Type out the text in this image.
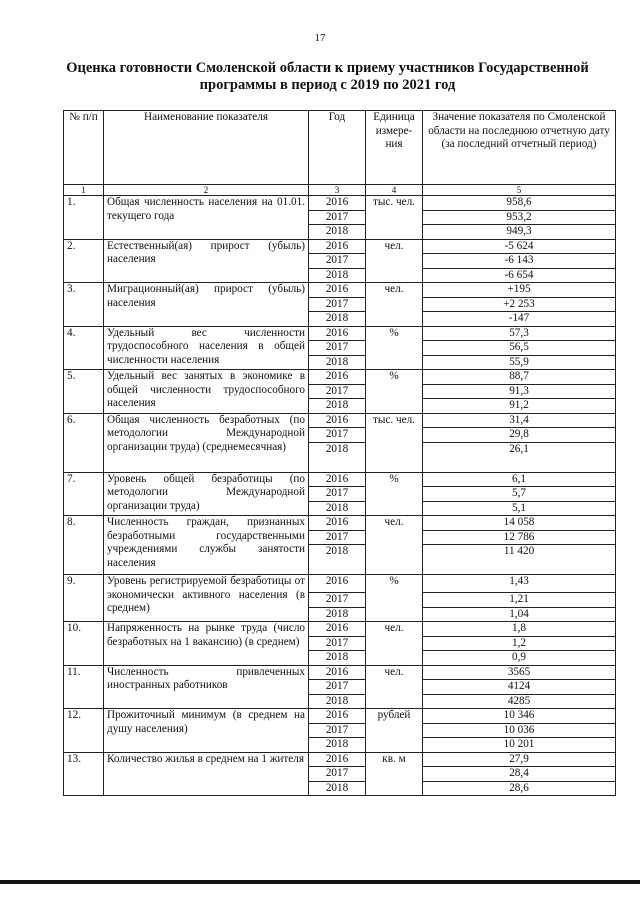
17
Оценка готовности Смоленской области к приему участников Государственной программы в период с 2019 по 2021 год
№ п/п	Наименование показателя	Год	Единица измере-ния	Значение показателя по Смоленской области на последнюю отчетную дату (за последний отчетный период)
1	2	3	4	5
1.	Общая численность населения на 01.01. текущего года	2016	тыс. чел.	958,6
		2017		953,2
		2018		949,3
2.	Естественный(ая) прирост (убыль) населения	2016	чел.	-5 624
		2017		-6 143
		2018		-6 654
3.	Миграционный(ая) прирост (убыль) населения	2016	чел.	+195
		2017		+2 253
		2018		-147
4.	Удельный вес численности трудоспособного населения в общей численности населения	2016	%	57,3
		2017		56,5
		2018		55,9
5.	Удельный вес занятых в экономике в общей численности трудоспособного населения	2016	%	88,7
		2017		91,3
		2018		91,2
6.	Общая численность безработных (по методологии Международной организации труда) (среднемесячная)	2016	тыс. чел.	31,4
		2017		29,8
		2018		26,1
7.	Уровень общей безработицы (по методологии Международной организации труда)	2016	%	6,1
		2017		5,7
		2018		5,1
8.	Численность граждан, признанных безработными государственными учреждениями службы занятости населения	2016	чел.	14 058
		2017		12 786
		2018		11 420
9.	Уровень регистрируемой безработицы от экономически активного населения (в среднем)	2016	%	1,43
		2017		1,21
		2018		1,04
10.	Напряженность на рынке труда (число безработных на 1 вакансию) (в среднем)	2016	чел.	1,8
		2017		1,2
		2018		0,9
11.	Численность привлеченных иностранных работников	2016	чел.	3565
		2017		4124
		2018		4285
12.	Прожиточный минимум (в среднем на душу населения)	2016	рублей	10 346
		2017		10 036
		2018		10 201
13.	Количество жилья в среднем на 1 жителя	2016	кв. м	27,9
		2017		28,4
		2018		28,6
